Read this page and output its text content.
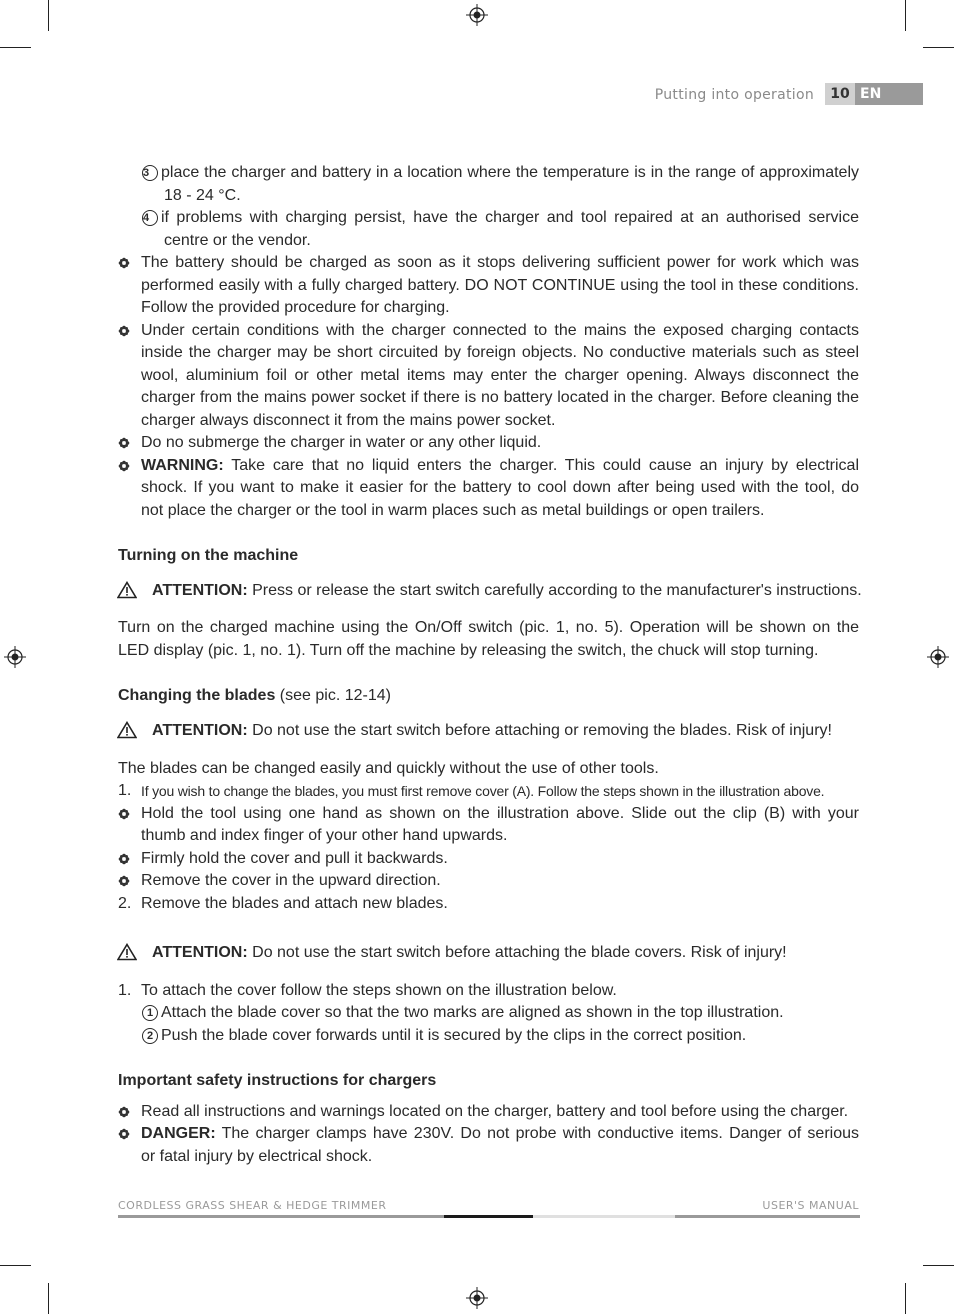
Putting into operation	10 EN
3 place the charger and battery in a location where the temperature is in the range of approximately
18 - 24 °C.
4 if problems with charging persist, have the charger and tool repaired at an authorised service
centre or the vendor.
The battery should be charged as soon as it stops delivering sufficient power for work which was
performed easily with a fully charged battery. DO NOT CONTINUE using the tool in these conditions.
Follow the provided procedure for charging.
Under certain conditions with the charger connected to the mains the exposed charging contacts
inside the charger may be short circuited by foreign objects. No conductive materials such as steel
wool, aluminium foil or other metal items may enter the charger opening. Always disconnect the
charger from the mains power socket if there is no battery located in the charger. Before cleaning the
charger always disconnect it from the mains power socket.
Do no submerge the charger in water or any other liquid.
WARNING: Take care that no liquid enters the charger. This could cause an injury by electrical
shock. If you want to make it easier for the battery to cool down after being used with the tool, do
not place the charger or the tool in warm places such as metal buildings or open trailers.
Turning on the machine
ATTENTION: Press or release the start switch carefully according to the manufacturer's instructions.
Turn on the charged machine using the On/Off switch (pic. 1, no. 5). Operation will be shown on the
LED display (pic. 1, no. 1). Turn off the machine by releasing the switch, the chuck will stop turning.
Changing the blades (see pic. 12-14)
ATTENTION: Do not use the start switch before attaching or removing the blades. Risk of injury!
The blades can be changed easily and quickly without the use of other tools.
1. If you wish to change the blades, you must first remove cover (A). Follow the steps shown in the illustration above.
Hold the tool using one hand as shown on the illustration above. Slide out the clip (B) with your
thumb and index finger of your other hand upwards.
Firmly hold the cover and pull it backwards.
Remove the cover in the upward direction.
2. Remove the blades and attach new blades.
ATTENTION: Do not use the start switch before attaching the blade covers. Risk of injury!
1. To attach the cover follow the steps shown on the illustration below.
1 Attach the blade cover so that the two marks are aligned as shown in the top illustration.
2 Push the blade cover forwards until it is secured by the clips in the correct position.
Important safety instructions for chargers
Read all instructions and warnings located on the charger, battery and tool before using the charger.
DANGER: The charger clamps have 230V. Do not probe with conductive items. Danger of serious
or fatal injury by electrical shock.
CORDLESS GRASS SHEAR & HEDGE TRIMMER	USER'S MANUAL
